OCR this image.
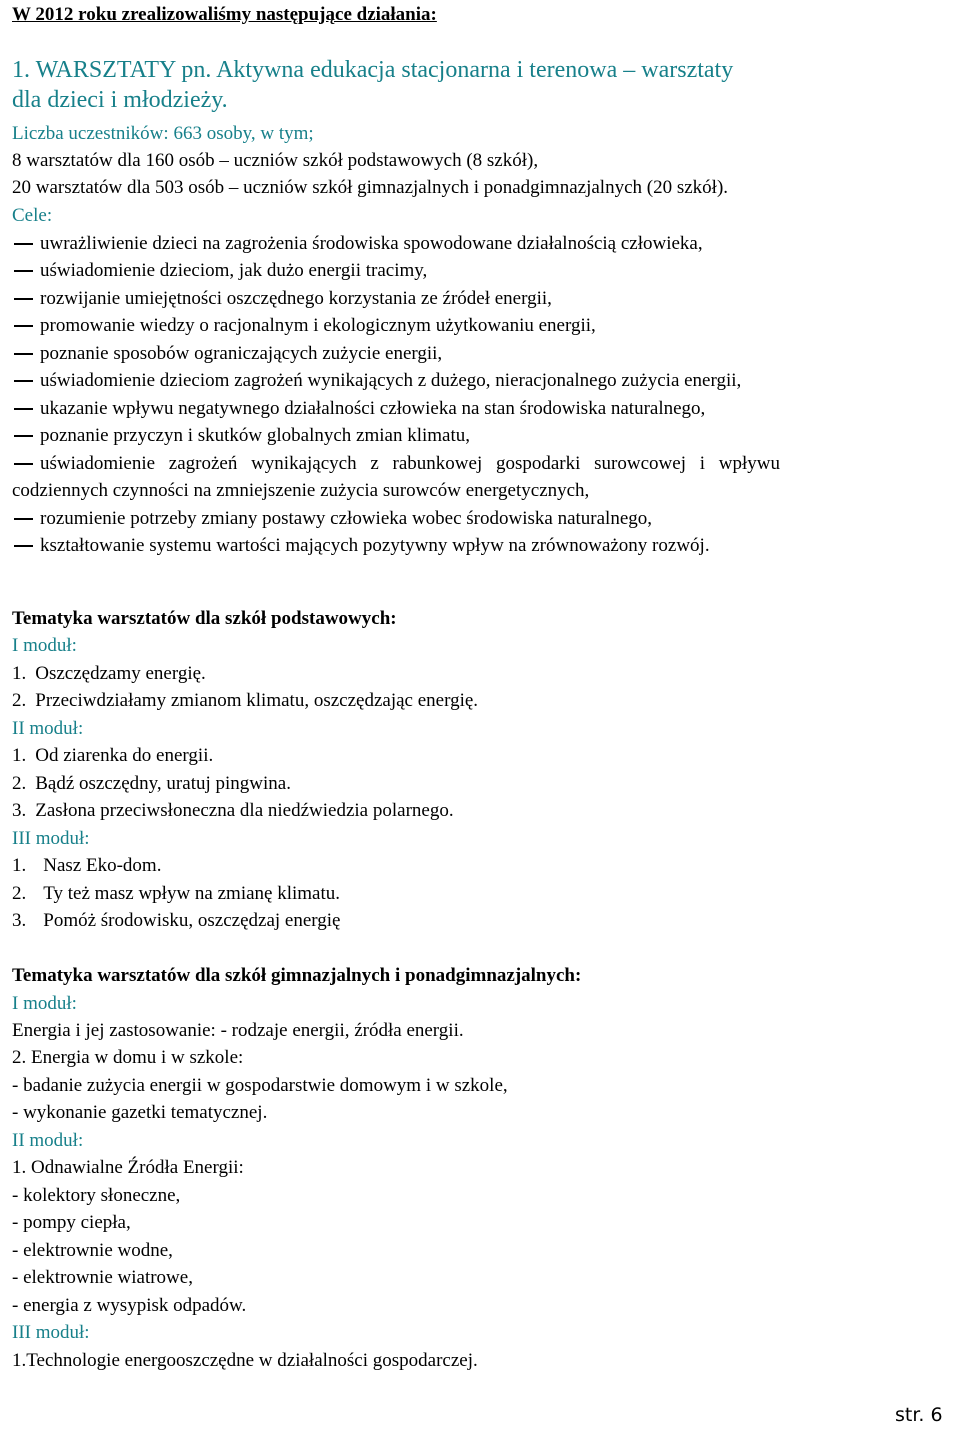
W 2012 roku zrealizowaliśmy następujące działania:
1. WARSZTATY pn. Aktywna edukacja stacjonarna i terenowa – warsztaty
dla dzieci i młodzieży.
Liczba uczestników: 663 osoby, w tym;
8 warsztatów dla 160 osób – uczniów szkół podstawowych (8 szkół),
20 warsztatów dla 503 osób – uczniów szkół gimnazjalnych i ponadgimnazjalnych (20 szkół).
Cele:
uwrażliwienie dzieci na zagrożenia środowiska spowodowane działalnością człowieka,
uświadomienie dzieciom, jak dużo energii tracimy,
rozwijanie umiejętności oszczędnego korzystania ze źródeł energii,
promowanie wiedzy o racjonalnym i ekologicznym użytkowaniu energii,
poznanie sposobów ograniczających zużycie energii,
uświadomienie dzieciom zagrożeń wynikających z dużego, nieracjonalnego zużycia energii,
ukazanie wpływu negatywnego działalności człowieka na stan środowiska naturalnego,
poznanie przyczyn i skutków globalnych zmian klimatu,
uświadomienie zagrożeń wynikających z rabunkowej gospodarki surowcowej i wpływu
codziennych czynności na zmniejszenie zużycia surowców energetycznych,
rozumienie potrzeby zmiany postawy człowieka wobec środowiska naturalnego,
kształtowanie systemu wartości mających pozytywny wpływ na zrównoważony rozwój.
Tematyka warsztatów dla szkół podstawowych:
I moduł:
1. Oszczędzamy energię.
2. Przeciwdziałamy zmianom klimatu, oszczędzając energię.
II moduł:
1. Od ziarenka do energii.
2. Bądź oszczędny, uratuj pingwina.
3. Zasłona przeciwsłoneczna dla niedźwiedzia polarnego.
III moduł:
1. Nasz Eko-dom.
2. Ty też masz wpływ na zmianę klimatu.
3. Pomóż środowisku, oszczędzaj energię
Tematyka warsztatów dla szkół gimnazjalnych i ponadgimnazjalnych:
I moduł:
Energia i jej zastosowanie: - rodzaje energii, źródła energii.
2. Energia w domu i w szkole:
- badanie zużycia energii w gospodarstwie domowym i w szkole,
- wykonanie gazetki tematycznej.
II moduł:
1. Odnawialne Źródła Energii:
- kolektory słoneczne,
- pompy ciepła,
- elektrownie wodne,
- elektrownie wiatrowe,
- energia z wysypisk odpadów.
III moduł:
1.Technologie energooszczędne w działalności gospodarczej.
str. 6
